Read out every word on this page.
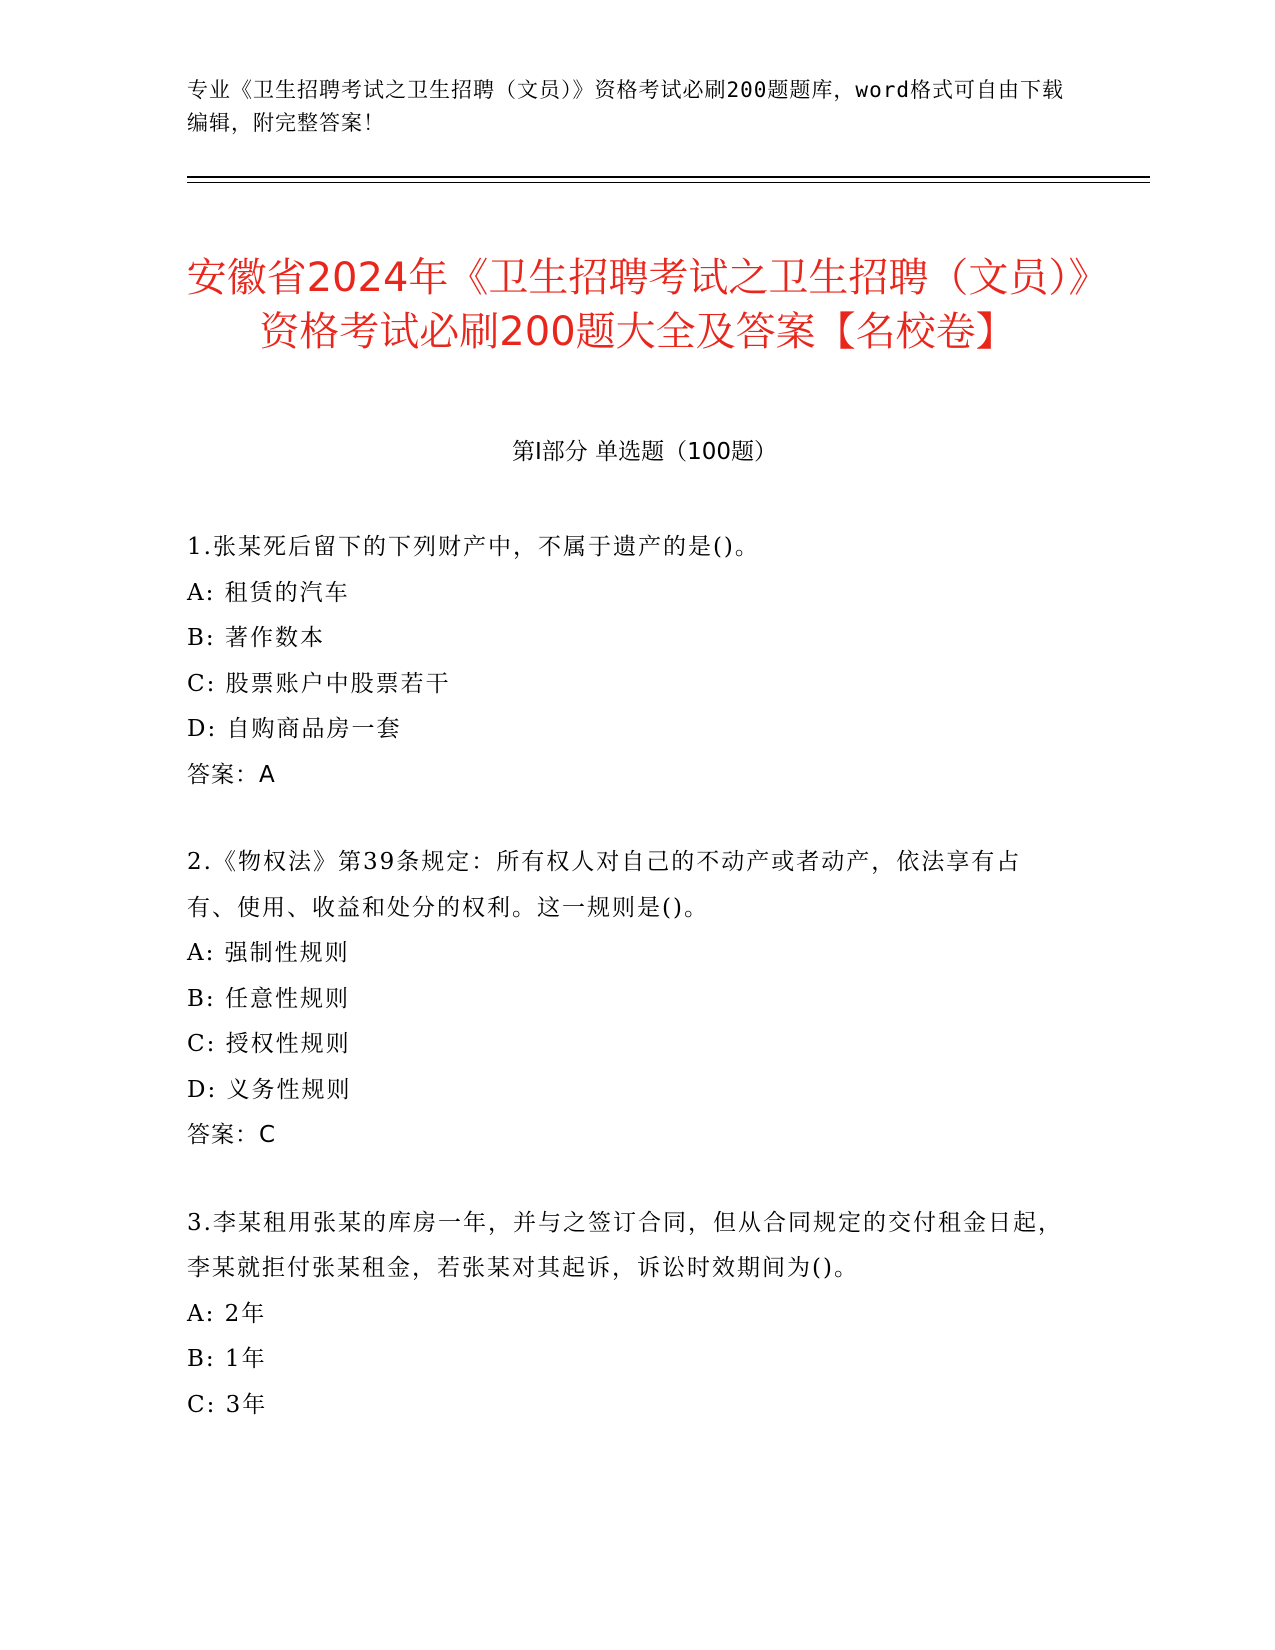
专业《卫生招聘考试之卫生招聘（文员）》资格考试必刷200题题库，word格式可自由下载编辑，附完整答案！
安徽省2024年《卫生招聘考试之卫生招聘（文员）》资格考试必刷200题大全及答案【名校卷】
第I部分 单选题（100题）
1.张某死后留下的下列财产中，不属于遗产的是()。
A: 租赁的汽车
B: 著作数本
C: 股票账户中股票若干
D: 自购商品房一套
答案：A
2.《物权法》第39条规定：所有权人对自己的不动产或者动产，依法享有占有、使用、收益和处分的权利。这一规则是()。
A: 强制性规则
B: 任意性规则
C: 授权性规则
D: 义务性规则
答案：C
3.李某租用张某的库房一年，并与之签订合同，但从合同规定的交付租金日起，李某就拒付张某租金，若张某对其起诉，诉讼时效期间为()。
A: 2年
B: 1年
C: 3年
